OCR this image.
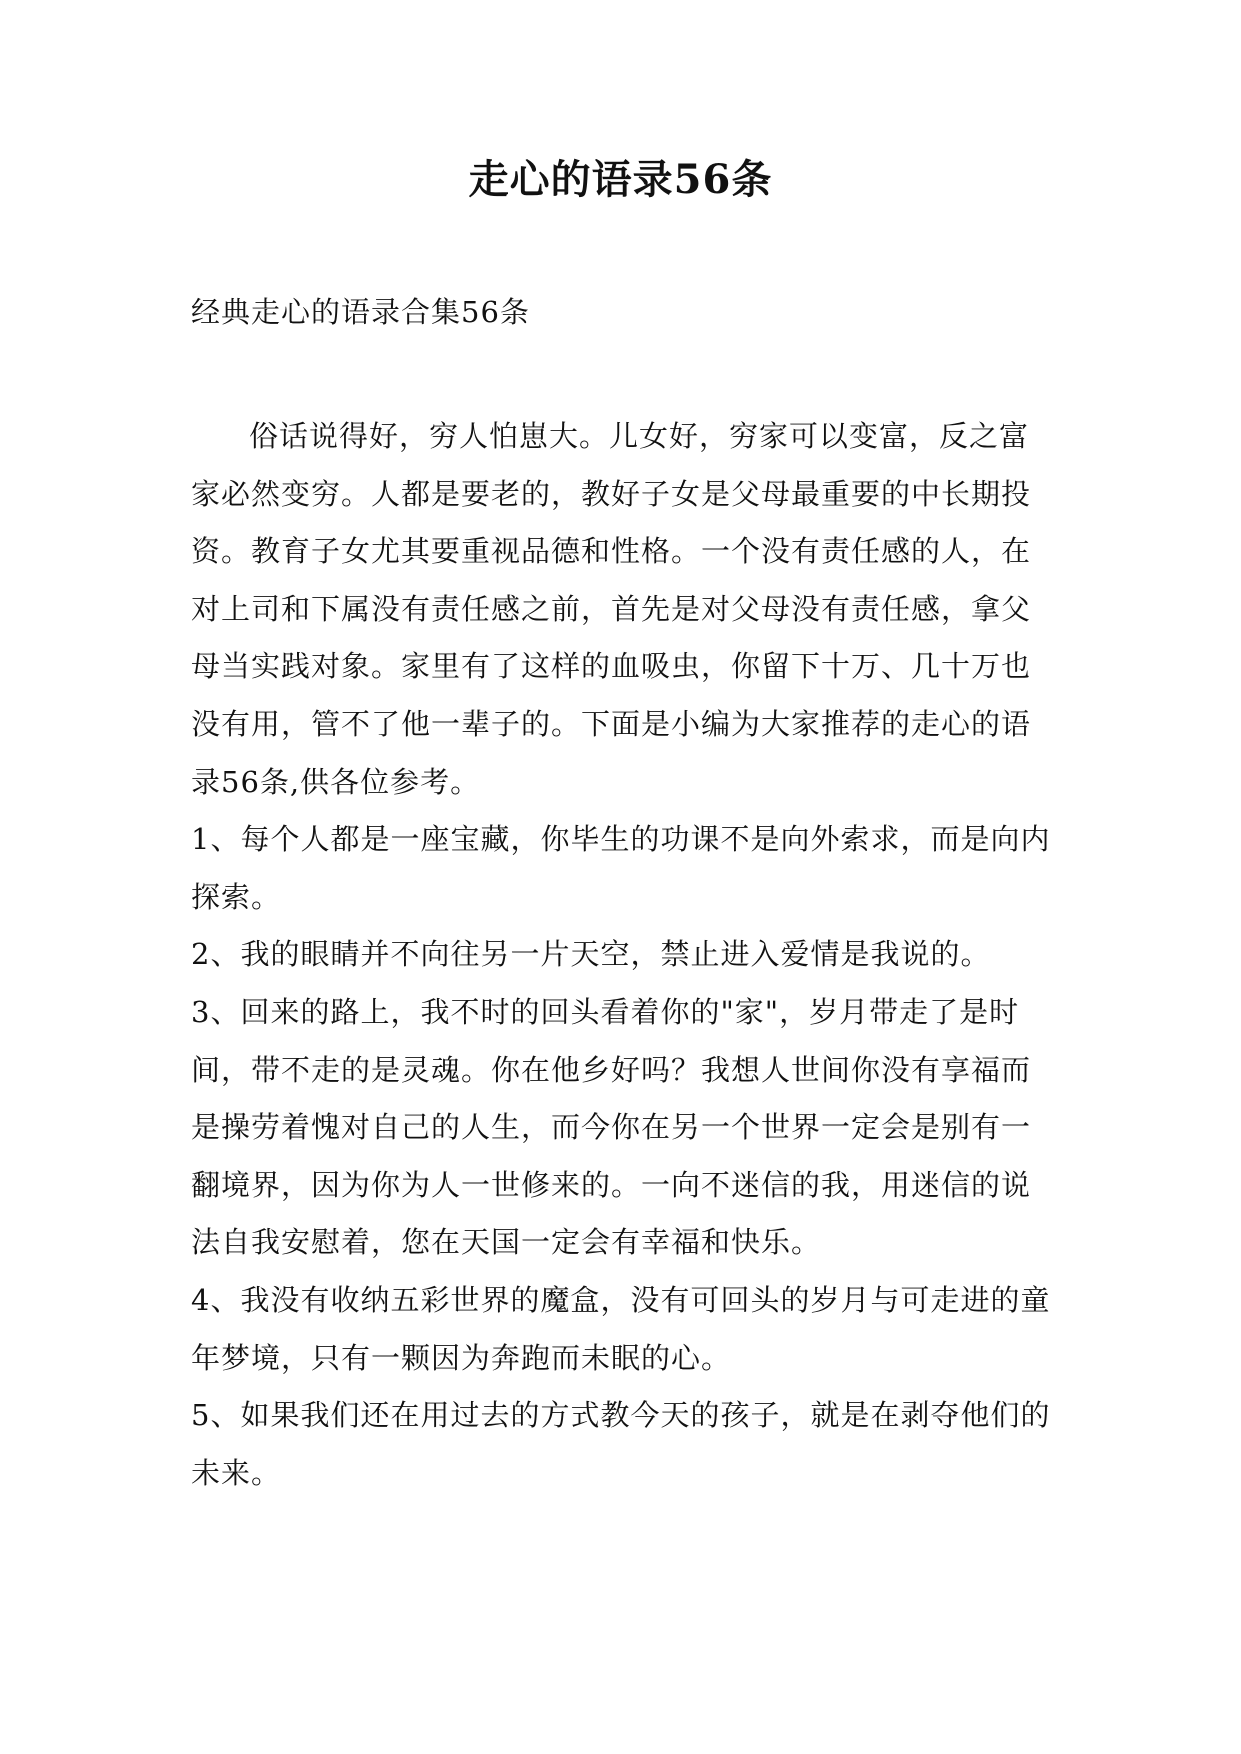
走心的语录56条

经典走心的语录合集56条

俗话说得好，穷人怕崽大。儿女好，穷家可以变富，反之富家必然变穷。人都是要老的，教好子女是父母最重要的中长期投资。教育子女尤其要重视品德和性格。一个没有责任感的人，在对上司和下属没有责任感之前，首先是对父母没有责任感，拿父母当实践对象。家里有了这样的血吸虫，你留下十万、几十万也没有用，管不了他一辈子的。下面是小编为大家推荐的走心的语录56条,供各位参考。

1、每个人都是一座宝藏，你毕生的功课不是向外索求，而是向内探索。

2、我的眼睛并不向往另一片天空，禁止进入爱情是我说的。

3、回来的路上，我不时的回头看着你的"家"，岁月带走了是时间，带不走的是灵魂。你在他乡好吗？我想人世间你没有享福而是操劳着愧对自己的人生，而今你在另一个世界一定会是别有一翻境界，因为你为人一世修来的。一向不迷信的我，用迷信的说法自我安慰着，您在天国一定会有幸福和快乐。

4、我没有收纳五彩世界的魔盒，没有可回头的岁月与可走进的童年梦境，只有一颗因为奔跑而未眠的心。

5、如果我们还在用过去的方式教今天的孩子，就是在剥夺他们的未来。
